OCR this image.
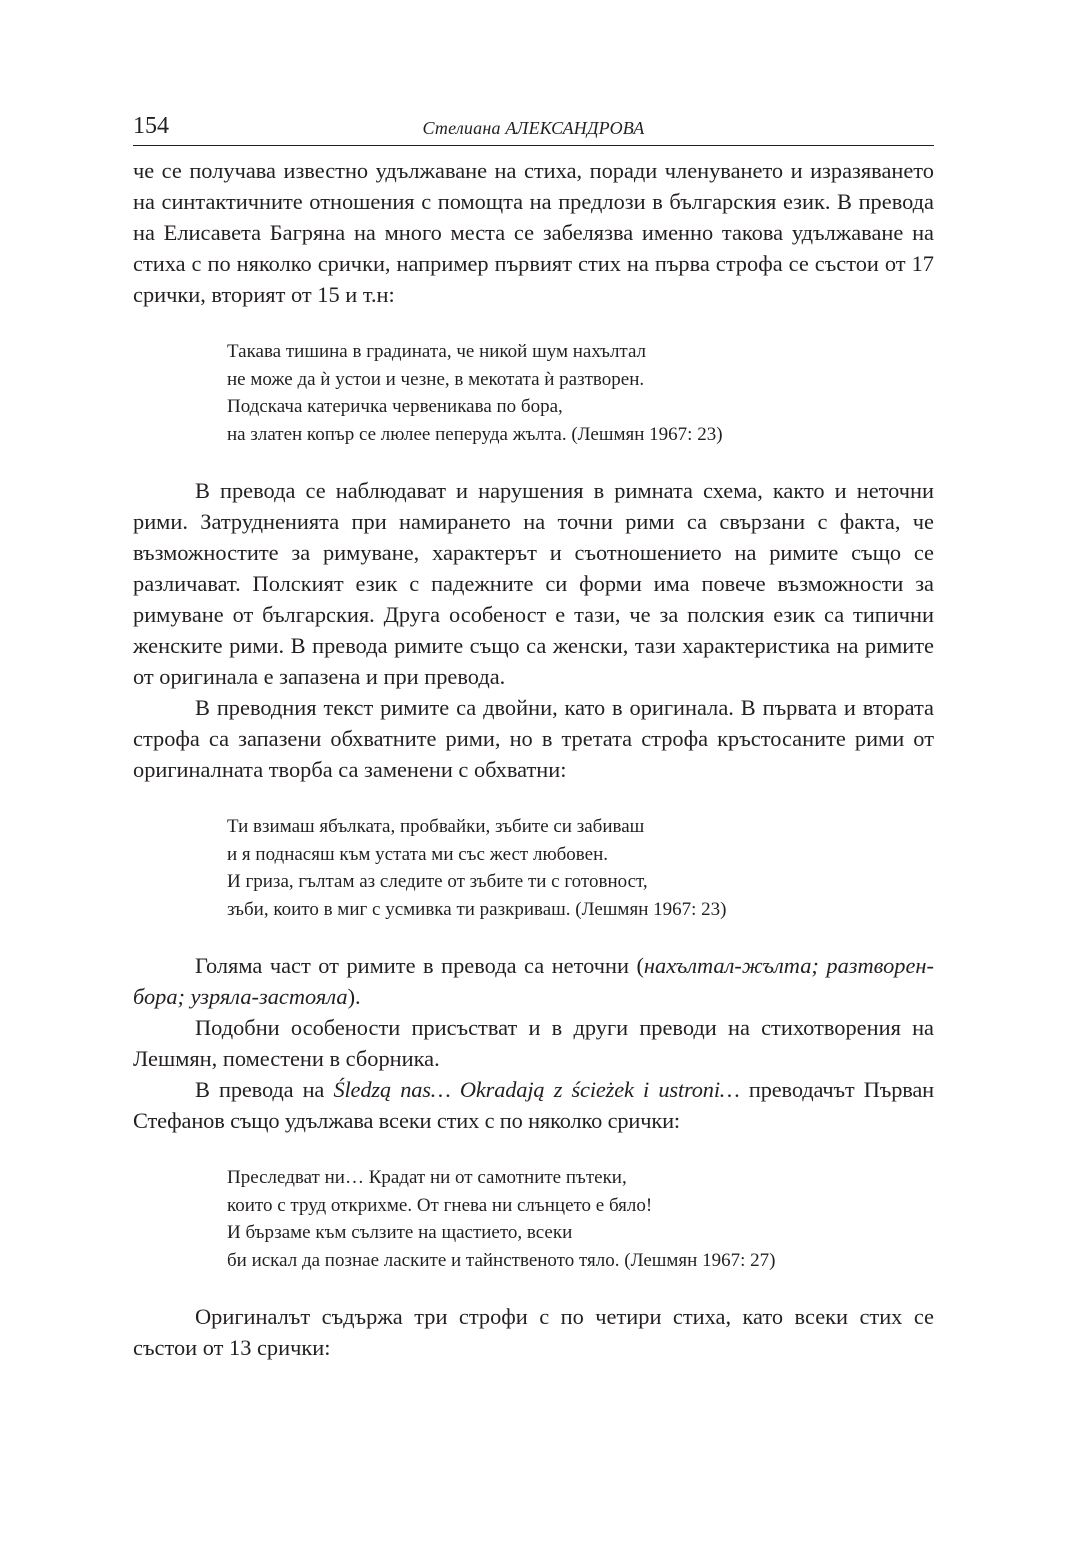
154	Стелиана АЛЕКСАНДРОВА

че се получава известно удължаване на стиха, поради членуването и изразяването на синтактичните отношения с помощта на предлози в българския език. В превода на Елисавета Багряна на много места се забелязва именно такова удължаване на стиха с по няколко срички, например първият стих на първа строфа се състои от 17 срички, вторият от 15 и т.н:

Такава тишина в градината, че никой шум нахълтал
не може да ѝ устои и чезне, в мекотата ѝ разтворен.
Подскача катеричка червеникава по бора,
на златен копър се люлее пеперуда жълта. (Лешмян 1967: 23)

В превода се наблюдават и нарушения в римната схема, както и неточни рими. Затрудненията при намирането на точни рими са свързани с факта, че възможностите за римуване, характерът и съотношението на римите също се различават. Полският език с падежните си форми има повече възможности за римуване от българския. Друга особеност е тази, че за полския език са типични женските рими. В превода римите също са женски, тази характеристика на римите от оригинала е запазена и при превода.

В преводния текст римите са двойни, като в оригинала. В първата и втората строфа са запазени обхватните рими, но в третата строфа кръстосаните рими от оригиналната творба са заменени с обхватни:

Ти взимаш ябълката, пробвайки, зъбите си забиваш
и я поднасяш към устата ми със жест любовен.
И гриза, гълтам аз следите от зъбите ти с готовност,
зъби, които в миг с усмивка ти разкриваш. (Лешмян 1967: 23)

Голяма част от римите в превода са неточни (нахълтал-жълта; разтворен-бора; узряла-застояла).

Подобни особености присъстват и в други преводи на стихотворения на Лешмян, поместени в сборника.

В превода на Śledzą nas… Okradają z ścieżek i ustroni… преводачът Първан Стефанов също удължава всеки стих с по няколко срички:

Преследват ни… Крадат ни от самотните пътеки,
които с труд открихме. От гнева ни слънцето е бяло!
И бързаме към сълзите на щастието, всеки
би искал да познае ласките и тайнственото тяло. (Лешмян 1967: 27)

Оригиналът съдържа три строфи с по четири стиха, като всеки стих се състои от 13 срички:
